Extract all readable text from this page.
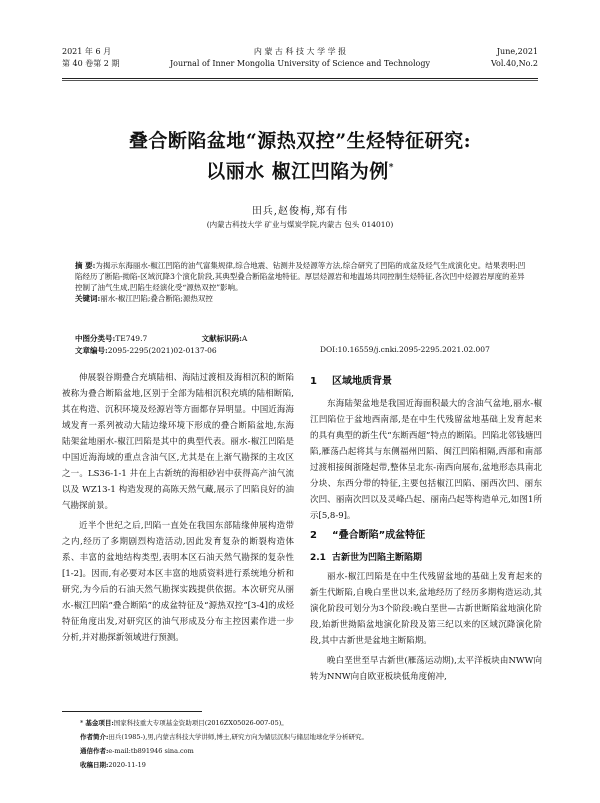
2021 年 6 月
第 40 卷第 2 期
内 蒙 古 科 技 大 学 学 报
Journal of Inner Mongolia University of Science and Technology
June,2021
Vol.40,No.2
叠合断陷盆地“源热双控”生烃特征研究:
以丽水 椒江凹陷为例*
田兵,赵俊梅,郑有伟
(内蒙古科技大学 矿业与煤炭学院,内蒙古 包头 014010)
摘 要:为揭示东海丽水-椒江凹陷的油气富集规律,综合地震、钻测井及烃源等方法,综合研究了凹陷的成盆及烃气生成演化史。结果表明:凹陷经历了断陷-拗陷-区域沉降3个演化阶段,其典型叠合断陷盆地特征。厚层烃源岩和地温场共同控制生烃特征,各次凹中烃源岩厚度的差异控制了油气生成,凹陷生烃演化受“源热双控”影响。
关键词:丽水-椒江凹陷;叠合断陷;源热双控
中图分类号:TE749.7	文献标识码:A
文章编号:2095-2295(2021)02-0137-06	DOI:10.16559/j.cnki.2095-2295.2021.02.007

伸展裂谷期叠合充填陆相、海陆过渡相及海相沉积的断陷被称为叠合断陷盆地,区别于全部为陆相沉积充填的陆相断陷,其在构造、沉积环境及烃源岩等方面都存异明显。中国近海海域发育一系列被动大陆边缘环境下形成的叠合断陷盆地,东海陆架盆地丽水-椒江凹陷是其中的典型代表。丽水-椒江凹陷是中国近海海域的重点含油气区,尤其是在上渐气勘探的主攻区之一。LS36-1-1 井在上古新统的海相砂岩中获得高产油气流以及 WZ13-1 构造发现的高陈天然气藏,展示了凹陷良好的油气勘探前景。

近半个世纪之后,凹陷一直处在我国东部陆缘伸展构造带之内,经历了多期剧烈构造活动,因此发育复杂的断裂构造体系、丰富的盆地结构类型,表明本区石油天然气勘探的复杂性[1-2]。因而,有必要对本区丰富的地质资料进行系统地分析和研究,为今后的石油天然气勘探实践提供依据。本次研究从丽水-椒江凹陷“叠合断陷”的成盆特征及“源热双控”[3-4]的成烃特征角度出发,对研究区的油气形成及分布主控因素作进一步分析,并对勘探新领域进行预测。

1 区域地质背景

东海陆架盆地是我国近海面积最大的含油气盆地,丽水-椒江凹陷位于盆地西南部,是在中生代残留盆地基础上发育起来的具有典型的新生代“东断西超”特点的断陷。凹陷北邻钱塘凹陷,雁荡凸起将其与东侧福州凹陷、闽江凹陷相隔,西部和南部过渡相接闽浙隆起带,整体呈北东-南西向展布,盆地形态具南北分块、东西分带的特征,主要包括椒江凹陷、丽西次凹、丽东次凹、丽南次凹以及灵峰凸起、丽南凸起等构造单元,如图1所示[5,8-9]。

2 “叠合断陷”成盆特征
2.1 古新世为凹陷主断陷期

丽水-椒江凹陷是在中生代残留盆地的基础上发育起来的新生代断陷,自晚白垩世以来,盆地经历了经历多期构造运动,其演化阶段可划分为3个阶段:晚白垩世—古新世断陷盆地演化阶段,始新世拗陷盆地演化阶段及第三纪以来的区域沉降演化阶段,其中古新世是盆地主断陷期。

晚白垩世至早古新世(雁荡运动期),太平洋板块由NWW向转为NNW向自欧亚板块低角度俯冲,

* 基金项目:国家科技重大专项基金资助项目(2016ZX05026-007-05)。
作者简介:田兵(1985-),男,内蒙古科技大学讲师,博士,研究方向为储层沉积与储层地球化学分析研究。
通信作者:e-mail:tb891946 sina.com
收稿日期:2020-11-19
